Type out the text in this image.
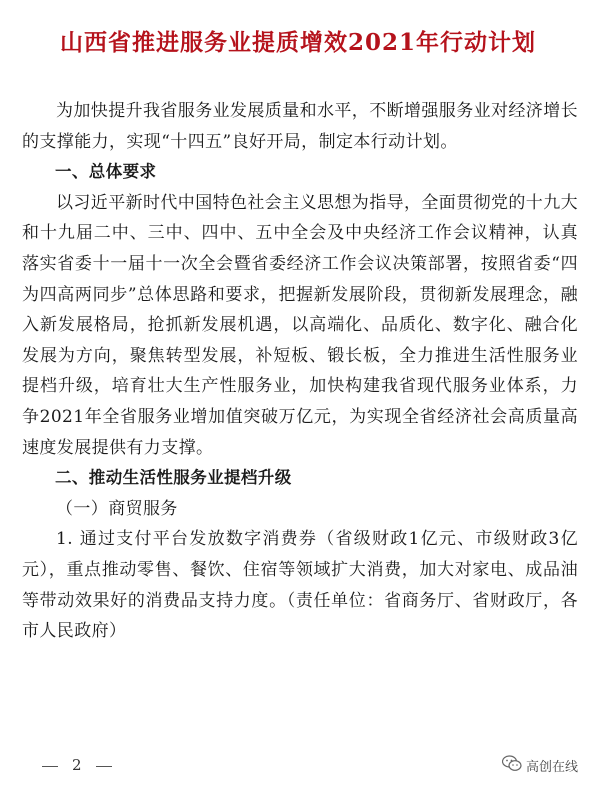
山西省推进服务业提质增效2021年行动计划

为加快提升我省服务业发展质量和水平，不断增强服务业对经济增长的支撑能力，实现“十四五”良好开局，制定本行动计划。

一、总体要求

以习近平新时代中国特色社会主义思想为指导，全面贯彻党的十九大和十九届二中、三中、四中、五中全会及中央经济工作会议精神，认真落实省委十一届十一次全会暨省委经济工作会议决策部署，按照省委“四为四高两同步”总体思路和要求，把握新发展阶段，贯彻新发展理念，融入新发展格局，抢抓新发展机遇，以高端化、品质化、数字化、融合化发展为方向，聚焦转型发展，补短板、锻长板，全力推进生活性服务业提档升级，培育壮大生产性服务业，加快构建我省现代服务业体系，力争2021年全省服务业增加值突破万亿元，为实现全省经济社会高质量高速度发展提供有力支撑。

二、推动生活性服务业提档升级

（一）商贸服务

1. 通过支付平台发放数字消费券（省级财政1亿元、市级财政3亿元），重点推动零售、餐饮、住宿等领域扩大消费，加大对家电、成品油等带动效果好的消费品支持力度。（责任单位：省商务厅、省财政厅，各市人民政府）

2	高创在线
